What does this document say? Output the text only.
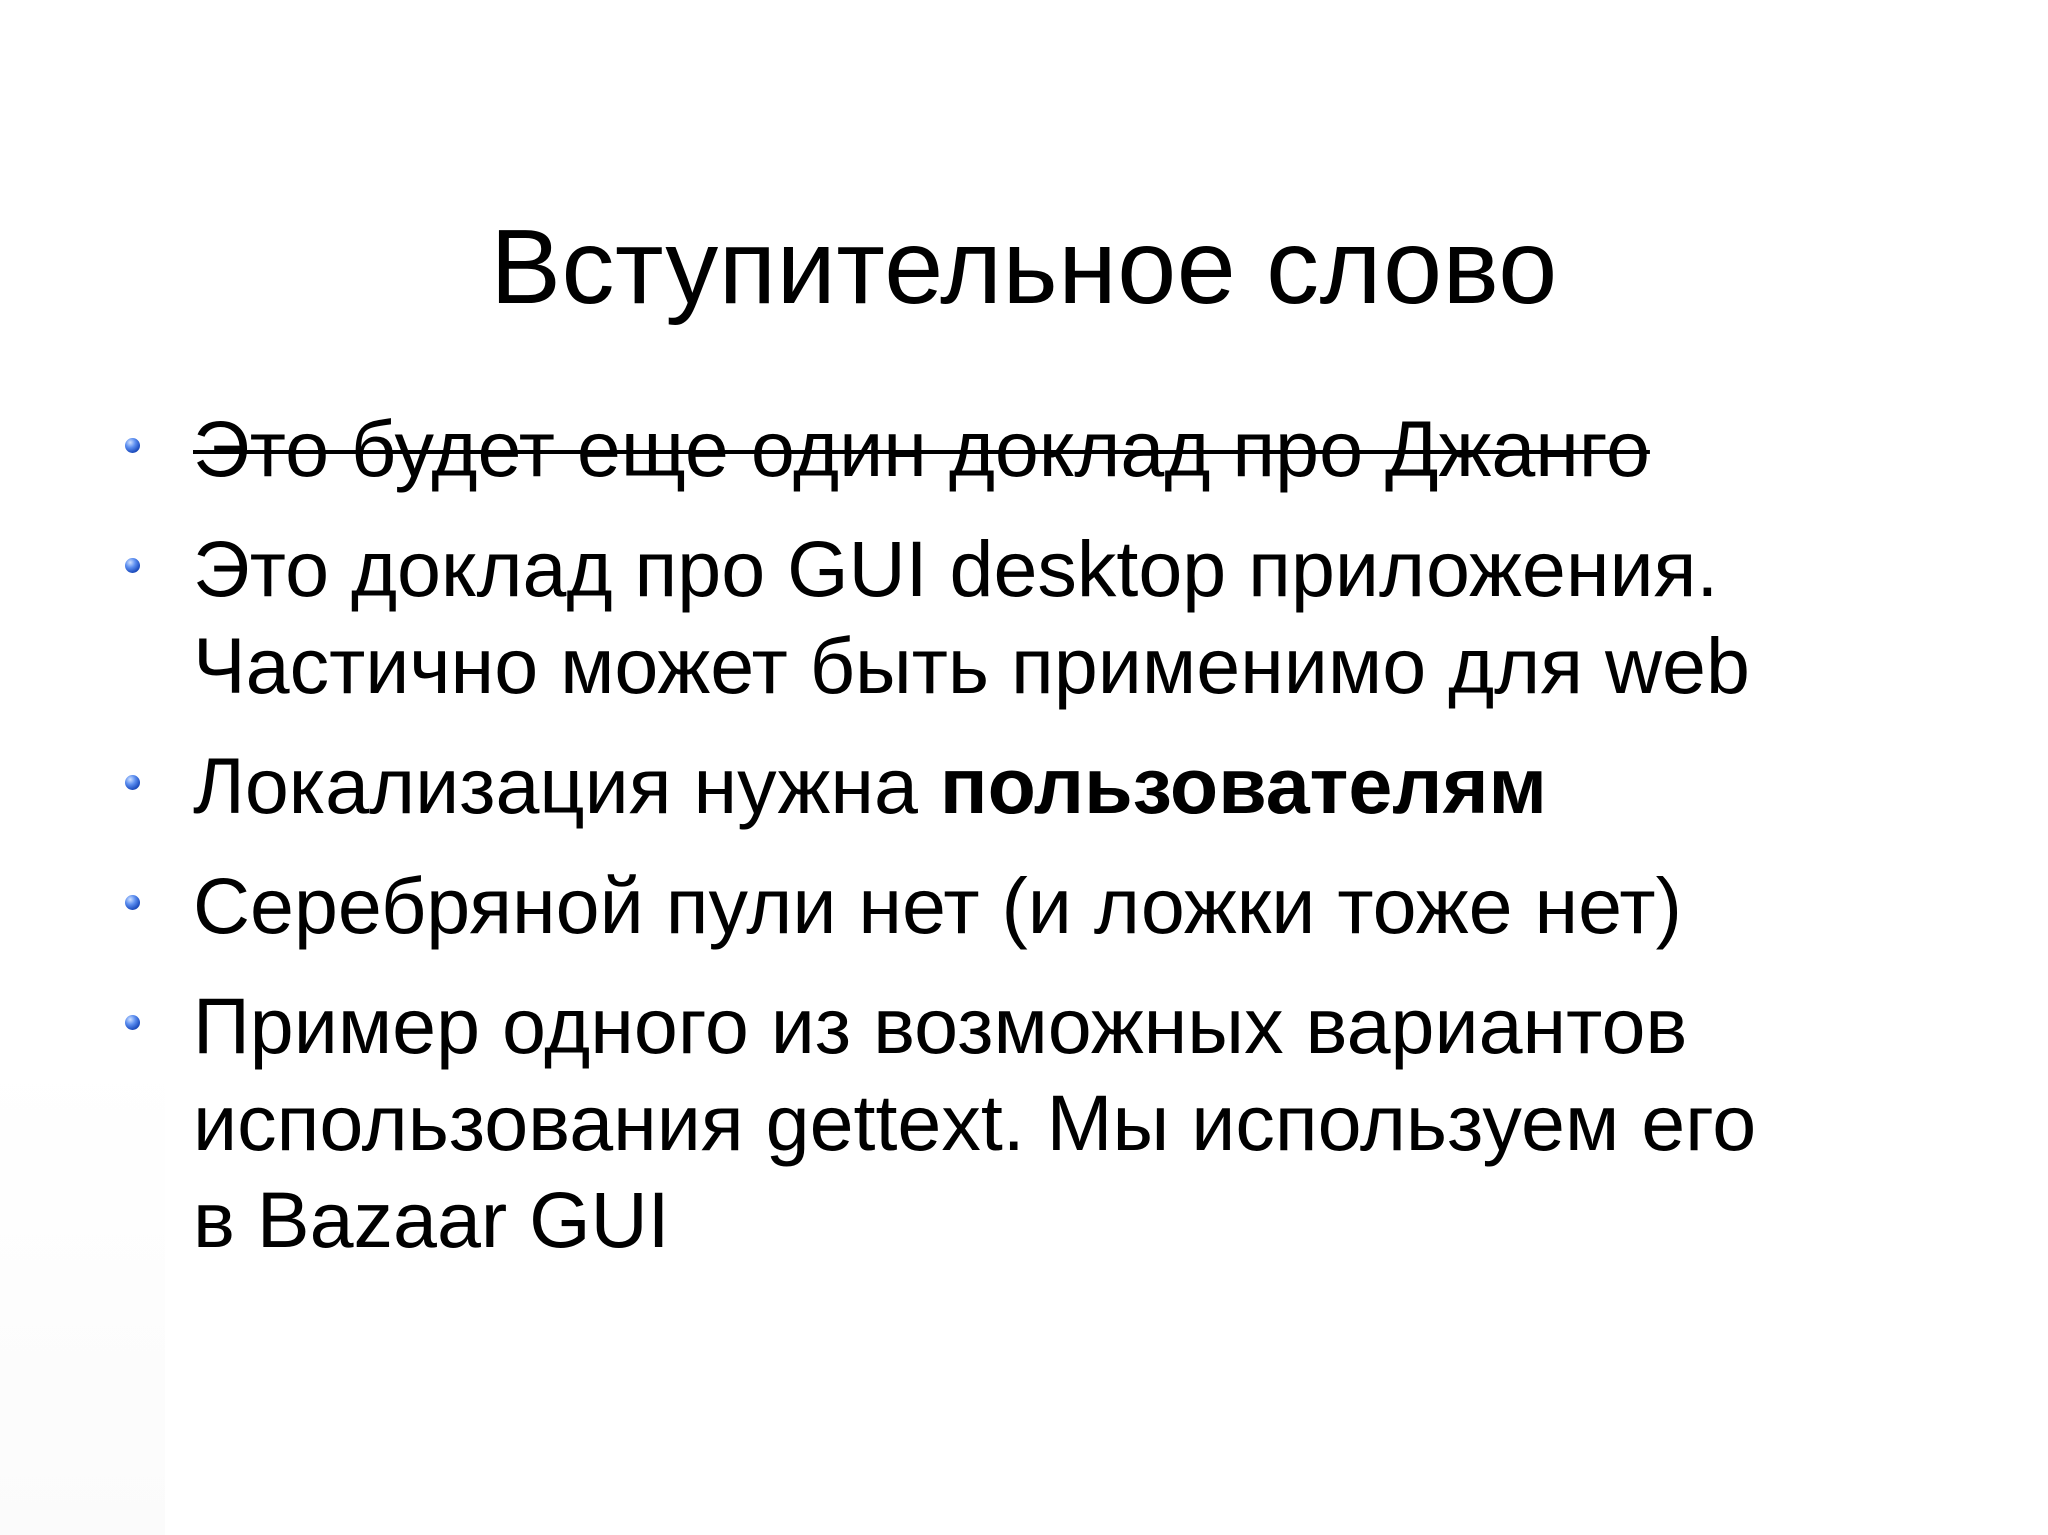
Вступительное слово
Это будет еще один доклад про Джанго
Это доклад про GUI desktop приложения.
Частично может быть применимо для web
Локализация нужна пользователям
Серебряной пули нет (и ложки тоже нет)
Пример одного из возможных вариантов
использования gettext. Мы используем его
в Bazaar GUI
